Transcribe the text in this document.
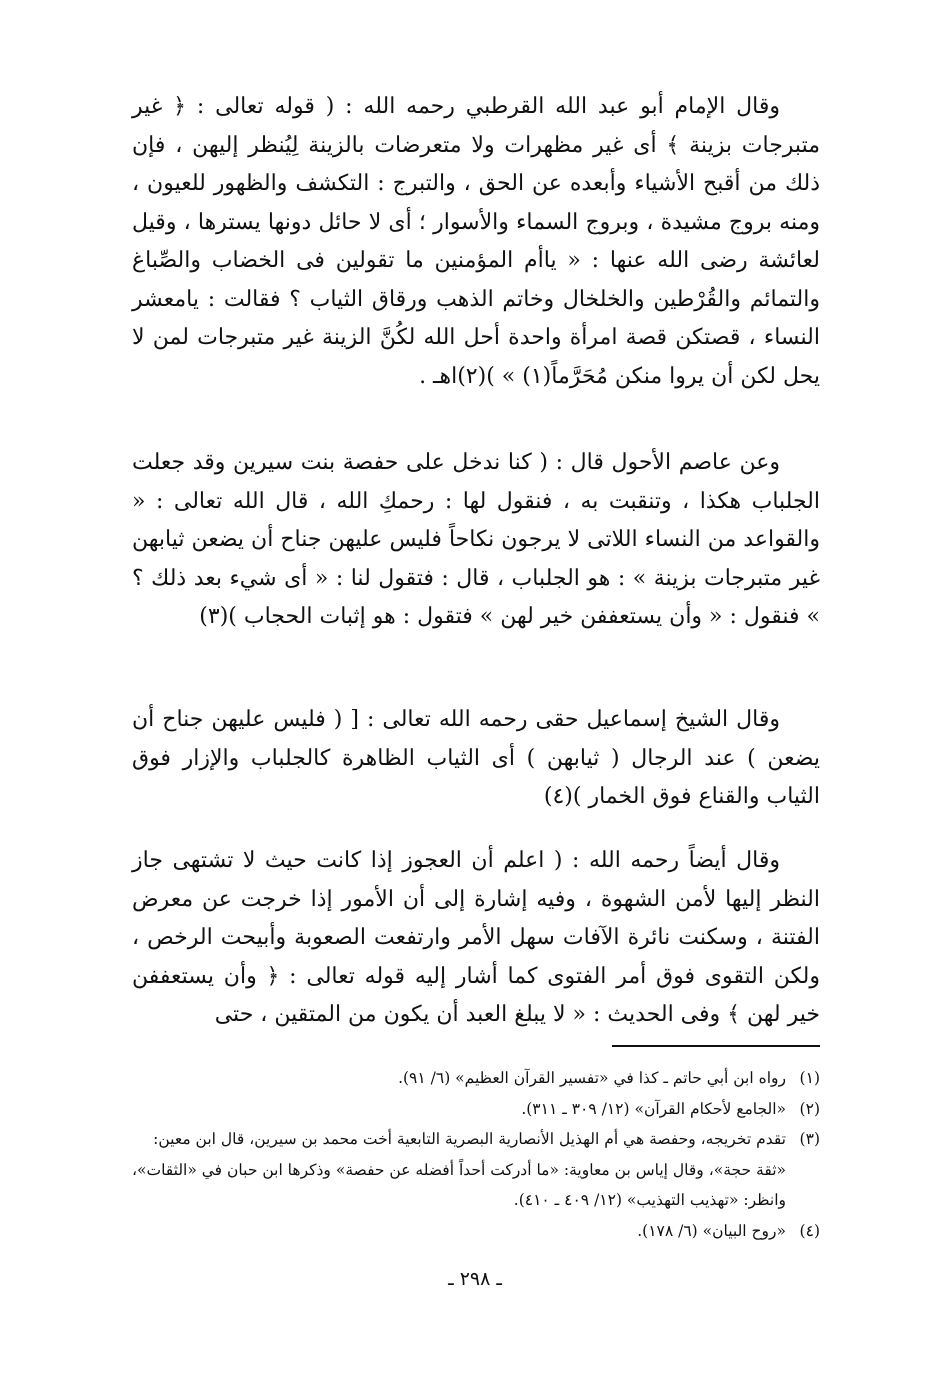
وقال الإمام أبو عبد الله القرطبي رحمه الله : ( قوله تعالى : ﴿ غير متبرجات بزينة ﴾ أى غير مظهرات ولا متعرضات بالزينة لِيُنظر إليهن ، فإن ذلك من أقبح الأشياء وأبعده عن الحق ، والتبرج : التكشف والظهور للعيون ، ومنه بروج مشيدة ، وبروج السماء والأسوار ؛ أى لا حائل دونها يسترها ، وقيل لعائشة رضى الله عنها : « ياأم المؤمنين ما تقولين فى الخضاب والصِّباغ والتمائم والقُرْطين والخلخال وخاتم الذهب ورقاق الثياب ؟ فقالت : يامعشر النساء ، قصتكن قصة امرأة واحدة أحل الله لكُنَّ الزينة غير متبرجات لمن لا يحل لكن أن يروا منكن مُحَرَّماً(١) » )(٢)اهـ .

وعن عاصم الأحول قال : ( كنا ندخل على حفصة بنت سيرين وقد جعلت الجلباب هكذا ، وتنقبت به ، فنقول لها : رحمكِ الله ، قال الله تعالى : « والقواعد من النساء اللاتى لا يرجون نكاحاً فليس عليهن جناح أن يضعن ثيابهن غير متبرجات بزينة » : هو الجلباب ، قال : فتقول لنا : « أى شيء بعد ذلك ؟ » فنقول : « وأن يستعففن خير لهن » فتقول : هو إثبات الحجاب )(٣)

وقال الشيخ إسماعيل حقى رحمه الله تعالى : [ ( فليس عليهن جناح أن يضعن ) عند الرجال ( ثيابهن ) أى الثياب الظاهرة كالجلباب والإزار فوق الثياب والقناع فوق الخمار )(٤)

وقال أيضاً رحمه الله : ( اعلم أن العجوز إذا كانت حيث لا تشتهى جاز النظر إليها لأمن الشهوة ، وفيه إشارة إلى أن الأمور إذا خرجت عن معرض الفتنة ، وسكنت نائرة الآفات سهل الأمر وارتفعت الصعوبة وأبيحت الرخص ، ولكن التقوى فوق أمر الفتوى كما أشار إليه قوله تعالى : ﴿ وأن يستعففن خير لهن ﴾ وفى الحديث : « لا يبلغ العبد أن يكون من المتقين ، حتى

(١)رواه ابن أبي حاتم ـ كذا في «تفسير القرآن العظيم» (٦/ ٩١).

(٢)«الجامع لأحكام القرآن» (١٢/ ٣٠٩ ـ ٣١١).

(٣)تقدم تخريجه، وحفصة هي أم الهذيل الأنصارية البصرية التابعية أخت محمد بن سيرين، قال ابن معين:

«ثقة حجة»، وقال إياس بن معاوية: «ما أدركت أحداً أفضله عن حفصة» وذكرها ابن حبان في «الثقات»، وانظر: «تهذيب التهذيب» (١٢/ ٤٠٩ ـ ٤١٠).

(٤)«روح البيان» (٦/ ١٧٨).

ـ ٢٩٨ ـ
